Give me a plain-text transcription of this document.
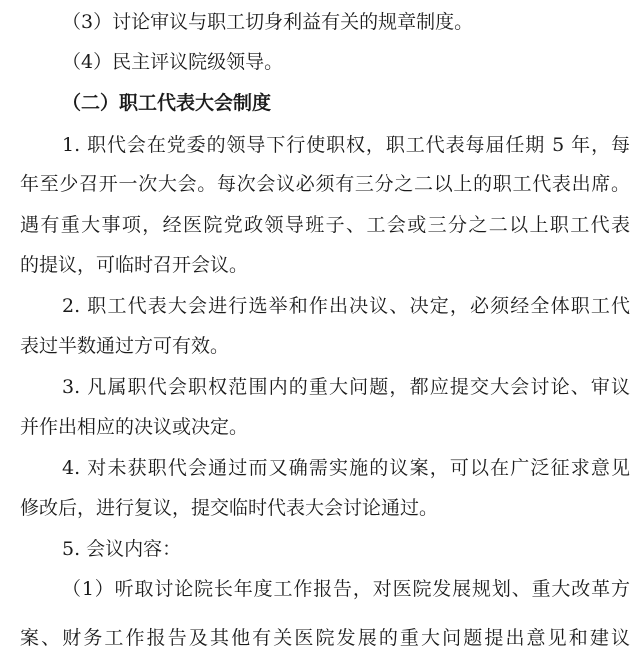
（3）讨论审议与职工切身利益有关的规章制度。
（4）民主评议院级领导。
（二）职工代表大会制度
1. 职代会在党委的领导下行使职权，职工代表每届任期 5 年，每
年至少召开一次大会。每次会议必须有三分之二以上的职工代表出席。
遇有重大事项，经医院党政领导班子、工会或三分之二以上职工代表
的提议，可临时召开会议。
2. 职工代表大会进行选举和作出决议、决定，必须经全体职工代
表过半数通过方可有效。
3. 凡属职代会职权范围内的重大问题，都应提交大会讨论、审议
并作出相应的决议或决定。
4. 对未获职代会通过而又确需实施的议案，可以在广泛征求意见
修改后，进行复议，提交临时代表大会讨论通过。
5. 会议内容：
（1）听取讨论院长年度工作报告，对医院发展规划、重大改革方
案、财务工作报告及其他有关医院发展的重大问题提出意见和建议
